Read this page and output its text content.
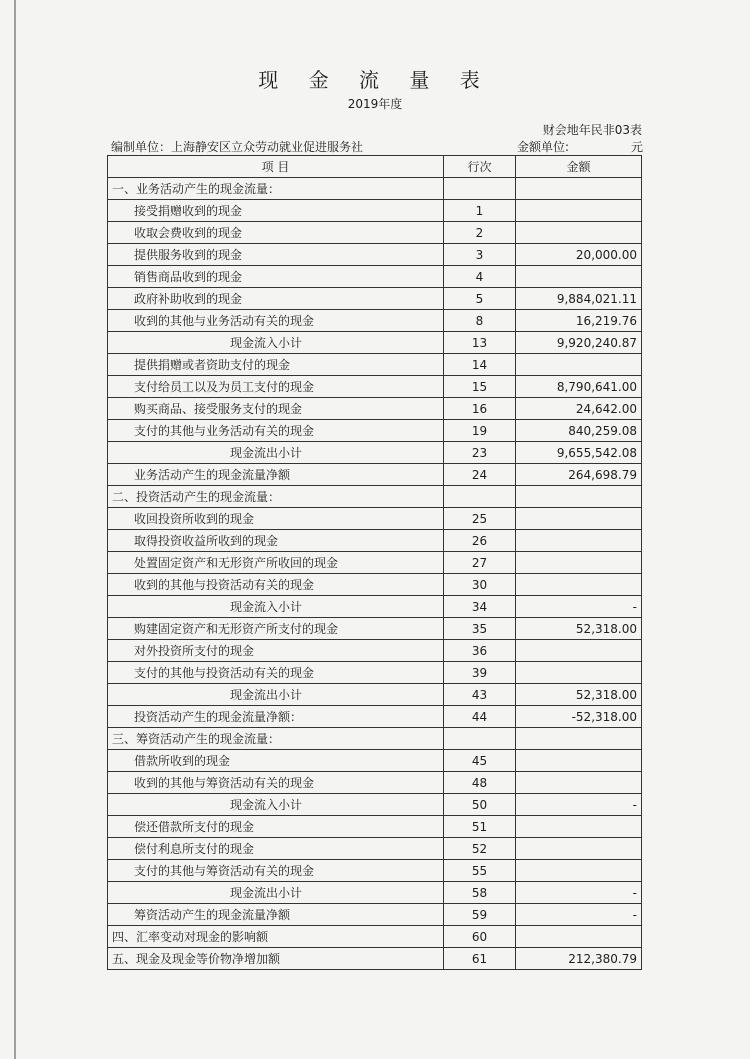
现 金 流 量 表
2019年度
财会地年民非03表
编制单位：上海静安区立众劳动就业促进服务社	金额单位:	元
项 目	行次	金额
一、业务活动产生的现金流量：		
接受捐赠收到的现金	1	
收取会费收到的现金	2	
提供服务收到的现金	3	20,000.00
销售商品收到的现金	4	
政府补助收到的现金	5	9,884,021.11
收到的其他与业务活动有关的现金	8	16,219.76
现金流入小计	13	9,920,240.87
提供捐赠或者资助支付的现金	14	
支付给员工以及为员工支付的现金	15	8,790,641.00
购买商品、接受服务支付的现金	16	24,642.00
支付的其他与业务活动有关的现金	19	840,259.08
现金流出小计	23	9,655,542.08
业务活动产生的现金流量净额	24	264,698.79
二、投资活动产生的现金流量：		
收回投资所收到的现金	25	
取得投资收益所收到的现金	26	
处置固定资产和无形资产所收回的现金	27	
收到的其他与投资活动有关的现金	30	
现金流入小计	34	-
购建固定资产和无形资产所支付的现金	35	52,318.00
对外投资所支付的现金	36	
支付的其他与投资活动有关的现金	39	
现金流出小计	43	52,318.00
投资活动产生的现金流量净额：	44	-52,318.00
三、筹资活动产生的现金流量：		
借款所收到的现金	45	
收到的其他与筹资活动有关的现金	48	
现金流入小计	50	-
偿还借款所支付的现金	51	
偿付利息所支付的现金	52	
支付的其他与筹资活动有关的现金	55	
现金流出小计	58	-
筹资活动产生的现金流量净额	59	-
四、汇率变动对现金的影响额	60	
五、现金及现金等价物净增加额	61	212,380.79
